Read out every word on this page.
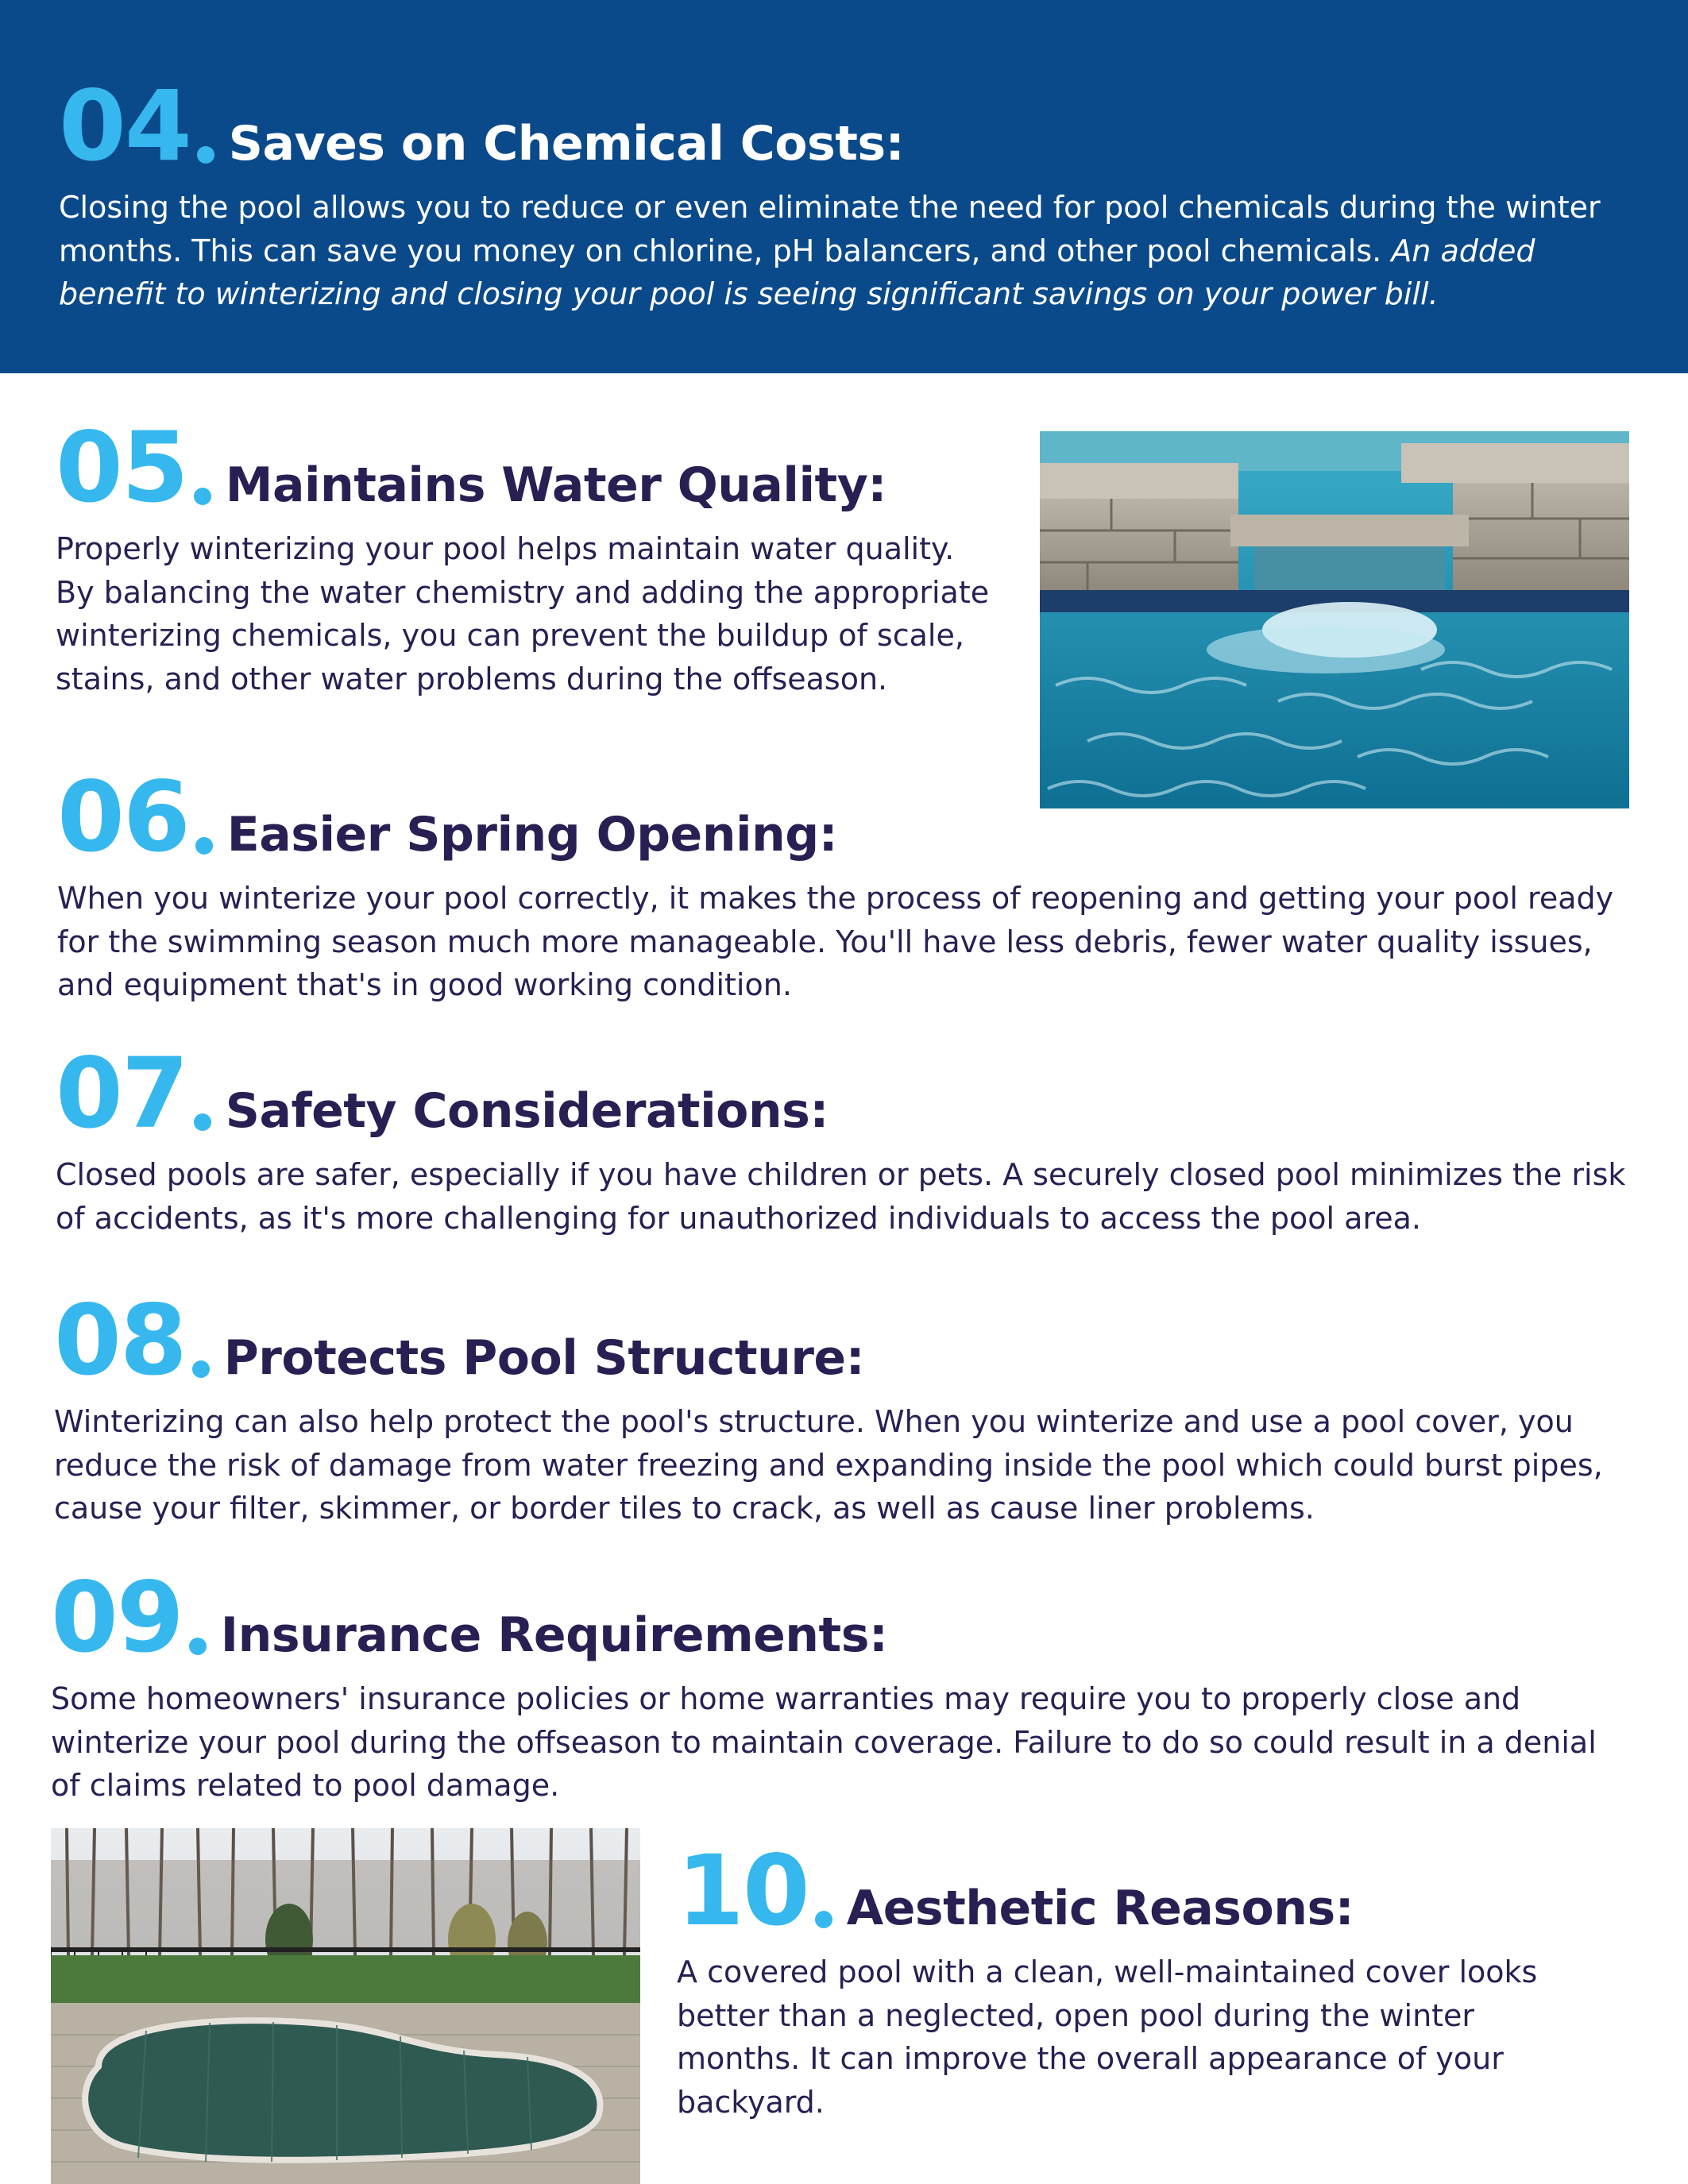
04 Saves on Chemical Costs:
Closing the pool allows you to reduce or even eliminate the need for pool chemicals during the winter months. This can save you money on chlorine, pH balancers, and other pool chemicals. An added benefit to winterizing and closing your pool is seeing significant savings on your power bill.
05 Maintains Water Quality:
Properly winterizing your pool helps maintain water quality. By balancing the water chemistry and adding the appropriate winterizing chemicals, you can prevent the buildup of scale, stains, and other water problems during the offseason.
06 Easier Spring Opening:
When you winterize your pool correctly, it makes the process of reopening and getting your pool ready for the swimming season much more manageable. You'll have less debris, fewer water quality issues, and equipment that's in good working condition.
07 Safety Considerations:
Closed pools are safer, especially if you have children or pets. A securely closed pool minimizes the risk of accidents, as it's more challenging for unauthorized individuals to access the pool area.
08 Protects Pool Structure:
Winterizing can also help protect the pool's structure. When you winterize and use a pool cover, you reduce the risk of damage from water freezing and expanding inside the pool which could burst pipes, cause your filter, skimmer, or border tiles to crack, as well as cause liner problems.
09 Insurance Requirements:
Some homeowners' insurance policies or home warranties may require you to properly close and winterize your pool during the offseason to maintain coverage. Failure to do so could result in a denial of claims related to pool damage.
10 Aesthetic Reasons:
A covered pool with a clean, well-maintained cover looks better than a neglected, open pool during the winter months. It can improve the overall appearance of your backyard.
